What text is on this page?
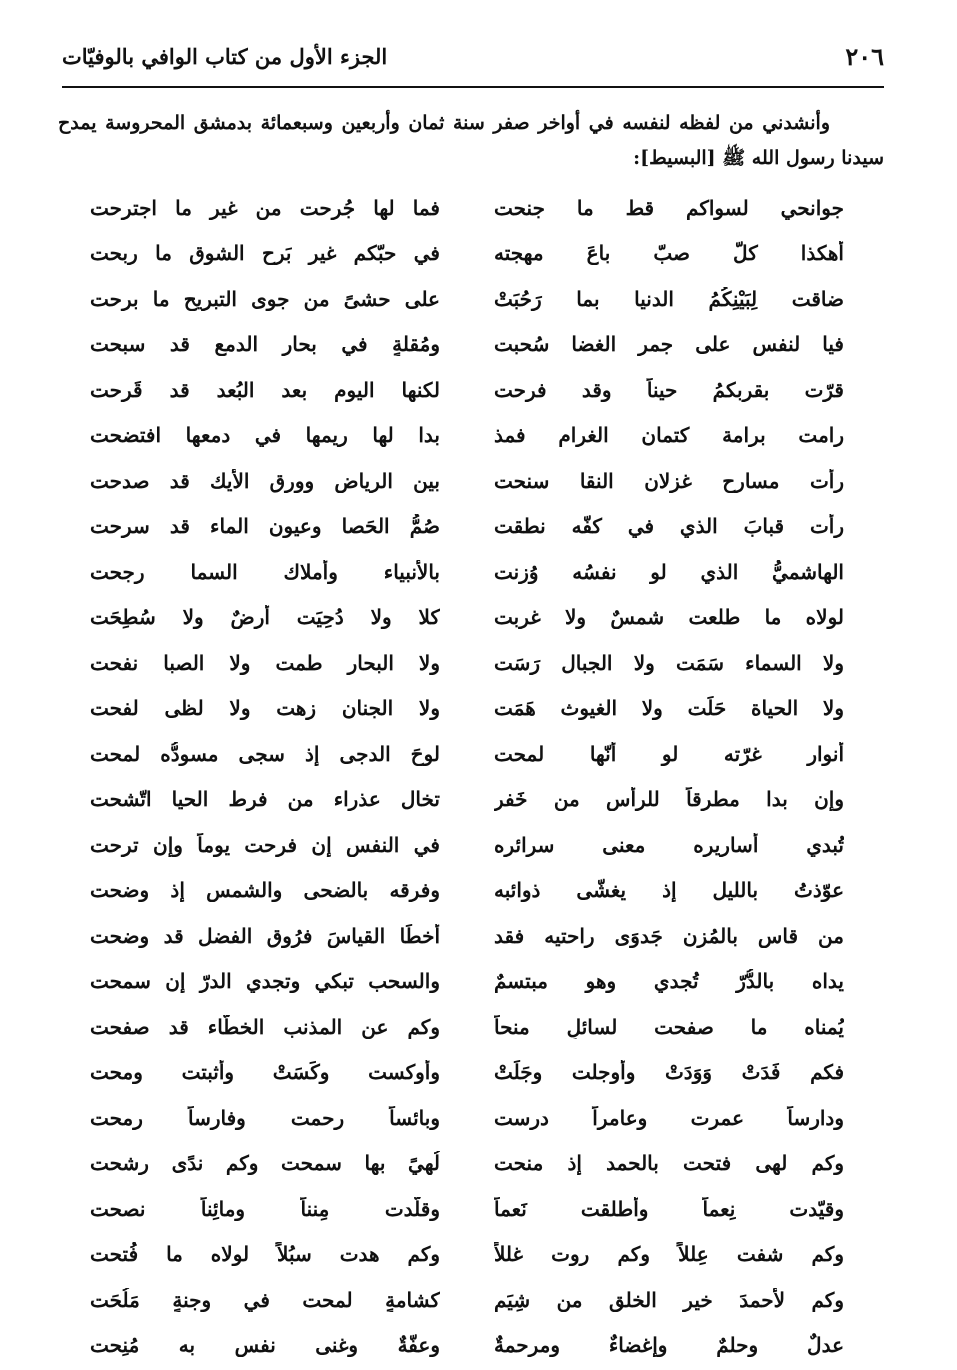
٢٠٦
الجزء الأول من كتاب الوافي بالوفيّات

وأنشدني من لفظه لنفسه في أواخر صفر سنة ثمان وأربعين وسبعمائة بدمشق المحروسة يمدح سيدنا رسول الله ﷺ [البسيط]:

جوانحي لسواكم قط ما جنحت
فما لها جُرحت من غير ما اجترحت
أهكذا كلّ صبّ باعَ مهجته
في حبّكم غير بَرح الشوق ما ربحت
ضاقت لِبَيْنِكُمُ الدنيا بما رَحُبَتْ
على حشىً من جوى التبريح ما برحت
فيا لنفسٍ على جمر الغضا سُحبت
ومُقلةٍ في بحار الدمع قد سبحت
قرّت بقربكمُ حيناً وقد فرحت
لكنها اليوم بعد البُعد قد قَرِحت
رامت برامة كتمان الغرام فمذ
بدا لها ريمها في دمعها افتضحت
رأت مسارح غزلان النقا سنحت
بين الرياض وورق الأيك قد صدحت
رأت قبابَ الذي في كفّه نطقت
صُمُّ الحَصا وعيون الماء قد سرحت
الهاشميُّ الذي لو نفسُه وُزنت
بالأنبياء وأملاك السما رجحت
لولاه ما طلعت شمسٌ ولا غربت
كلا ولا دُحِيَت أرضٌ ولا سُطِحَت
ولا السماء سَمَت ولا الجبال رَسَت
ولا البحار طمت ولا الصبا نفحت
ولا الحياة حَلَت ولا الغيوث هَمَت
ولا الجنان زهت ولا لظى لفحت
أنوار غرّته لو أنّها لمحت
لوحَ الدجى إذ سجى مسودُّه لمحت
وإن بدا مطرقاً للرأس من خَفر
تخال عذراء من فرط الحيا اتّشحت
تُبدي أساريره معنى سرائره
في النفس إن فرحت يوماً وإن ترحت
عوّذتُ بالليل إذ يغشّى ذوائبه
وفرقه بالضحى والشمسِ إذ وضحت
من قاس بالمُزن جَدوَى راحتيه فقد
أخطَا القياسَ فرُوق الفضل قد وضحت
يداه بالدُّرّ تُجدي وهو مبتسمٌ
والسحب تبكي وتجدي الدرّ إن سمحت
يُمناه ما صفحت لسائلٍ منحاً
وكم عن المذنب الخطّاء قد صفحت
فكم فَدَتْ وَوَدَتْ وأوجلت وجَلَتْ
وأوكست وكَسَتْ وأثبتت ومحت
ودارِساً عمرت وعامراً درست
وبائساً رحمت وفارساً رمحت
وكم لهى فتحت بالحمد إذ منحت
لُهيً بها سمحت وكم ندًى رشحت
وقيّدت نِعماً وأطلقت نَعماً
وقلّدت مِنناً ومائِناً نصحت
وكم شفت عِللاً وكم روت غللاً
وكم هدت سبُلاً لولاه ما فُتحت
وكم لأحمدَ خير الخلق من شِيَم
كشامةٍ لمحت في وجنةٍ مَلُحَت
عدلٌ وحلمٌ وإغضاءٌ ومرحمةٌ
وعفّةٌ وغنى نفسٍ به مُنِحت
